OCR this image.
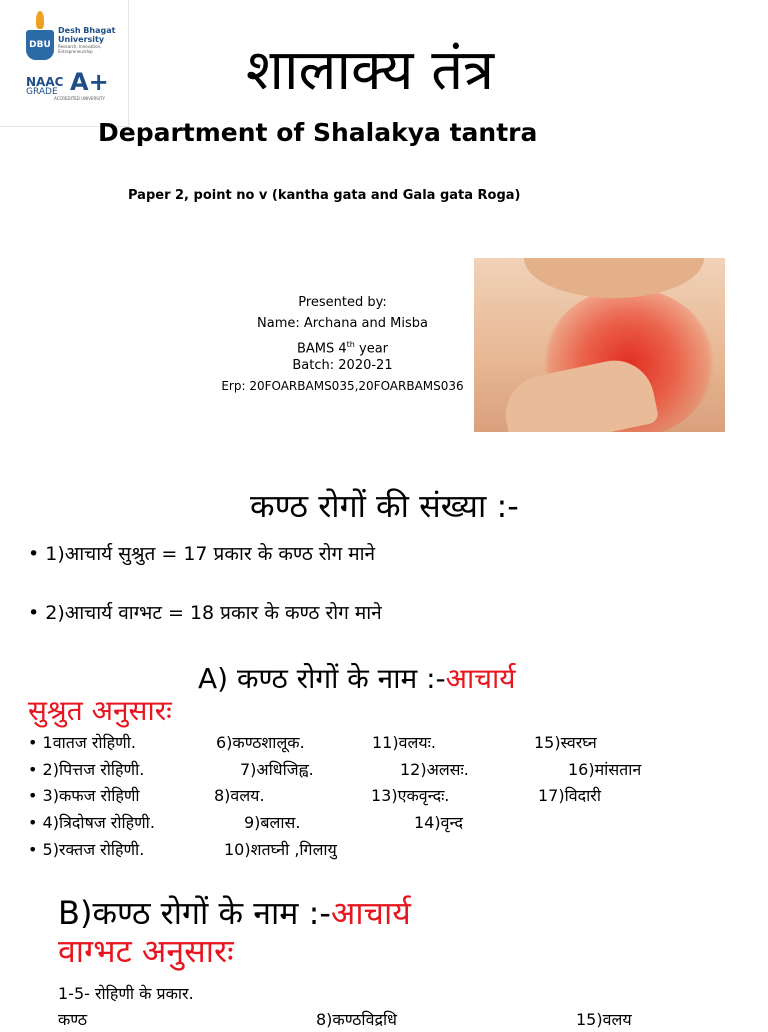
DBU
Desh Bhagat
University
Research, Innovation, Entrepreneurship
NAAC
GRADE A+
ACCREDITED UNIVERSITY	शालाक्य तंत्र
Department of Shalakya tantra
Paper 2, point no v (kantha gata and Gala gata Roga)
Presented by:
Name: Archana and Misba
BAMS 4th year
Batch: 2020-21
Erp: 20FOARBAMS035,20FOARBAMS036
कण्ठ रोगों की संख्या :-
• 1)आचार्य सुश्रुत = 17 प्रकार के कण्ठ रोग माने
• 2)आचार्य वाग्भट = 18 प्रकार के कण्ठ रोग माने
A) कण्ठ रोगों के नाम :-आचार्य
सुश्रुत अनुसारः
• 1वातज रोहिणी.	6)कण्ठशालूक.	11)वलयः.	15)स्वरघ्न
• 2)पित्तज रोहिणी.	7)अधिजिह्व.	12)अलसः.	16)मांसतान
• 3)कफज रोहिणी	8)वलय.	13)एकवृन्दः.	17)विदारी
• 4)त्रिदोषज रोहिणी.	9)बलास.	14)वृन्द
• 5)रक्तज रोहिणी.	10)शतघ्नी ,गिलायु
B)कण्ठ रोगों के नाम :-आचार्य
वाग्भट अनुसारः
1-5- रोहिणी के प्रकार.
कण्ठ	8)कण्ठविद्रधि	15)वलय
